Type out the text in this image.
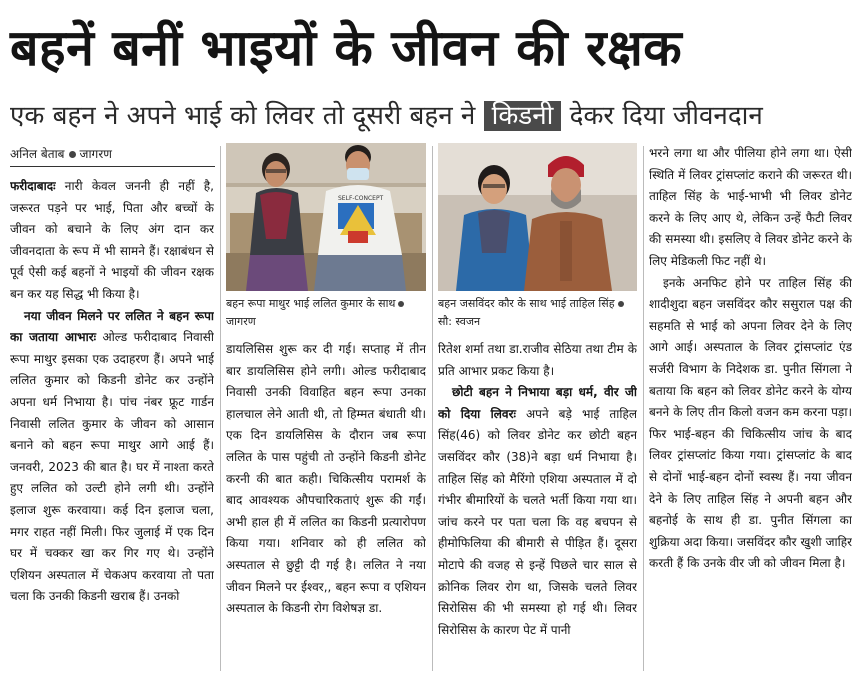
बहनें बनीं भाइयों के जीवन की रक्षक
एक बहन ने अपने भाई को लिवर तो दूसरी बहन ने किडनी देकर दिया जीवनदान
अनिल बेताब जागरण

फरीदाबादः नारी केवल जननी ही नहीं है, जरूरत पड़ने पर भाई, पिता और बच्चों के जीवन को बचाने के लिए अंग दान कर जीवनदाता के रूप में भी सामने हैं। रक्षाबंधन से पूर्व ऐसी कई बहनों ने भाइयों की जीवन रक्षक बन कर यह सिद्ध भी किया है।

नया जीवन मिलने पर ललित ने बहन रूपा का जताया आभारः ओल्ड फरीदाबाद निवासी रूपा माथुर इसका एक उदाहरण हैं। अपने भाई ललित कुमार को किडनी डोनेट कर उन्होंने अपना धर्म निभाया है। पांच नंबर फ्रूट गार्डन निवासी ललित कुमार के जीवन को आसान बनाने को बहन रूपा माथुर आगे आई हैं। जनवरी, 2023 की बात है। घर में नाश्ता करते हुए ललित को उल्टी होने लगी थी। उन्होंने इलाज शुरू करवाया। कई दिन इलाज चला, मगर राहत नहीं मिली। फिर जुलाई में एक दिन घर में चक्कर खा कर गिर गए थे। उन्होंने एशियन अस्पताल में चेकअप करवाया तो पता चला कि उनकी किडनी खराब हैं। उनको

SELF-CONCEPT
बहन रूपा माथुर भाई ललित कुमार के साथजागरण

डायलिसिस शुरू कर दी गई। सप्ताह में तीन बार डायलिसिस होने लगी। ओल्ड फरीदाबाद निवासी उनकी विवाहित बहन रूपा उनका हालचाल लेने आती थी, तो हिम्मत बंधाती थी। एक दिन डायलिसिस के दौरान जब रूपा ललित के पास पहुंची तो उन्होंने किडनी डोनेट करनी की बात कही। चिकित्सीय परामर्श के बाद आवश्यक औपचारिकताएं शुरू की गईं। अभी हाल ही में ललित का किडनी प्रत्यारोपण किया गया। शनिवार को ही ललित को अस्पताल से छुट्टी दी गई है। ललित ने नया जीवन मिलने पर ईश्वर,, बहन रूपा व एशियन अस्पताल के किडनी रोग विशेषज्ञ डा.

बहन जसविंदर कौर के साथ भाई ताहिल सिंहसौ: स्वजन

रितेश शर्मा तथा डा.राजीव सेठिया तथा टीम के प्रति आभार प्रकट किया है।

छोटी बहन ने निभाया बड़ा धर्म, वीर जी को दिया लिवरः अपने बड़े भाई ताहिल सिंह(46) को लिवर डोनेट कर छोटी बहन जसविंदर कौर (38)ने बड़ा धर्म निभाया है। ताहिल सिंह को मैरिंगो एशिया अस्पताल में दो गंभीर बीमारियों के चलते भर्ती किया गया था। जांच करने पर पता चला कि वह बचपन से हीमोफिलिया की बीमारी से पीड़ित हैं। दूसरा मोटापे की वजह से इन्हें पिछले चार साल से क्रोनिक लिवर रोग था, जिसके चलते लिवर सिरोसिस की भी समस्या हो गई थी। लिवर सिरोसिस के कारण पेट में पानी

भरने लगा था और पीलिया होने लगा था। ऐसी स्थिति में लिवर ट्रांसप्लांट कराने की जरूरत थी। ताहिल सिंह के भाई-भाभी भी लिवर डोनेट करने के लिए आए थे, लेकिन उन्हें फैटी लिवर की समस्या थी। इसलिए वे लिवर डोनेट करने के लिए मेडिकली फिट नहीं थे।

इनके अनफिट होने पर ताहिल सिंह की शादीशुदा बहन जसविंदर कौर ससुराल पक्ष की सहमति से भाई को अपना लिवर देने के लिए आगे आई। अस्पताल के लिवर ट्रांसप्लांट एंड सर्जरी विभाग के निदेशक डा. पुनीत सिंगला ने बताया कि बहन को लिवर डोनेट करने के योग्य बनने के लिए तीन किलो वजन कम करना पड़ा। फिर भाई-बहन की चिकित्सीय जांच के बाद लिवर ट्रांसप्लांट किया गया। ट्रांसप्लांट के बाद से दोनों भाई-बहन दोनों स्वस्थ हैं। नया जीवन देने के लिए ताहिल सिंह ने अपनी बहन और बहनोई के साथ ही डा. पुनीत सिंगला का शुक्रिया अदा किया। जसविंदर कौर खुशी जाहिर करती हैं कि उनके वीर जी को जीवन मिला है।
